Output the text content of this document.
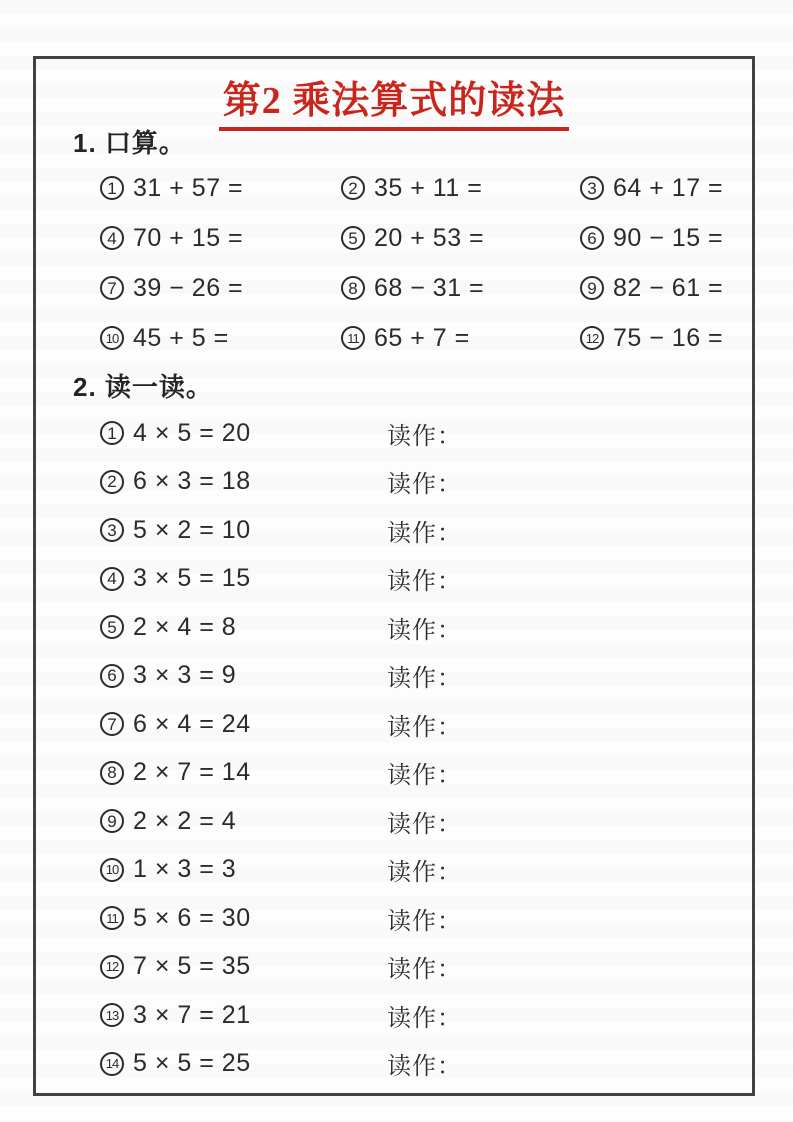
第2 乘法算式的读法
1. 口算。
1 31 + 57 =	2 35 + 11 =	3 64 + 17 =
4 70 + 15 =	5 20 + 53 =	6 90 − 15 =
7 39 − 26 =	8 68 − 31 =	9 82 − 61 =
10 45 + 5 =	11 65 + 7 =	12 75 − 16 =
2. 读一读。
1 4 × 5 = 20	读作：
2 6 × 3 = 18	读作：
3 5 × 2 = 10	读作：
4 3 × 5 = 15	读作：
5 2 × 4 = 8	读作：
6 3 × 3 = 9	读作：
7 6 × 4 = 24	读作：
8 2 × 7 = 14	读作：
9 2 × 2 = 4	读作：
10 1 × 3 = 3	读作：
11 5 × 6 = 30	读作：
12 7 × 5 = 35	读作：
13 3 × 7 = 21	读作：
14 5 × 5 = 25	读作：
